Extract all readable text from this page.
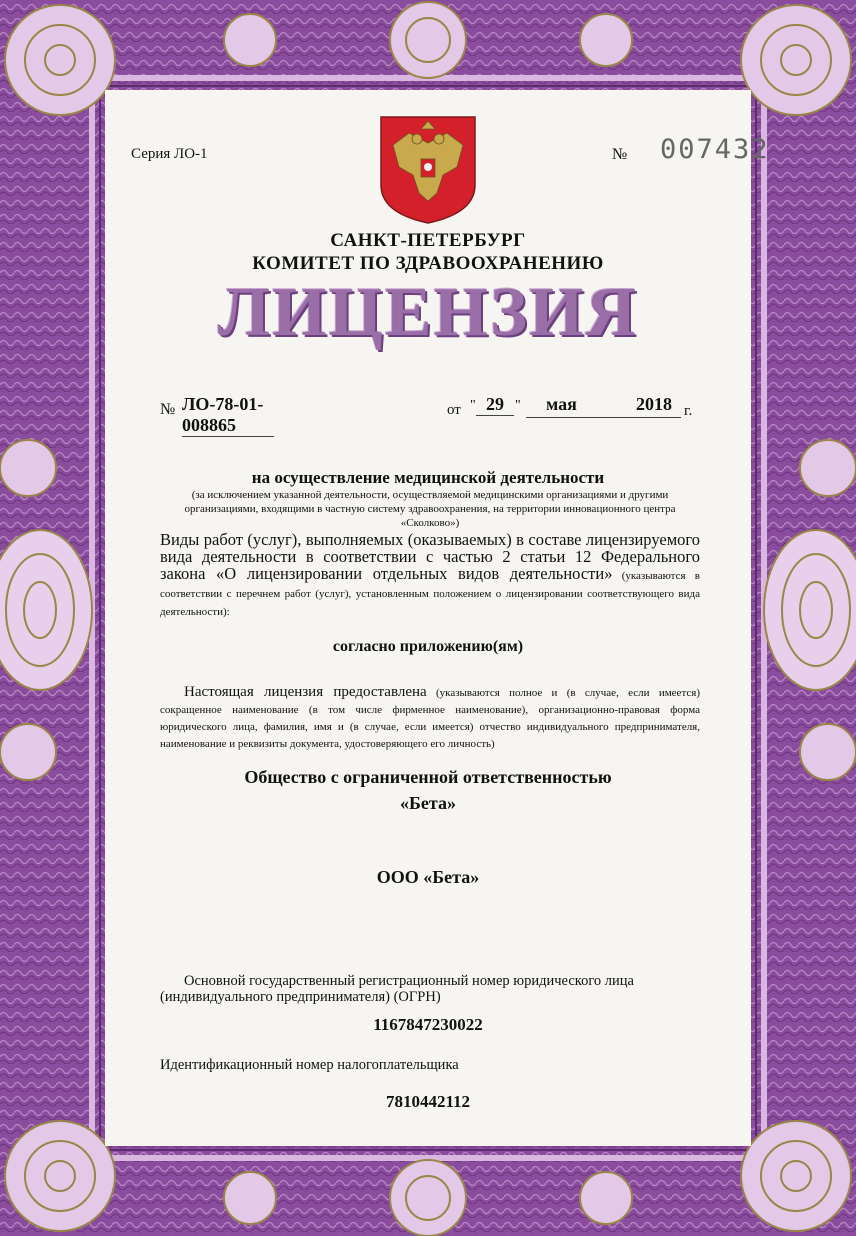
Серия ЛО-1	№ 007432
САНКТ-ПЕТЕРБУРГ
КОМИТЕТ ПО ЗДРАВООХРАНЕНИЮ
ЛИЦЕНЗИЯ
№ ЛО-78-01-008865
от " 29 "	мая	2018 г.
на осуществление медицинской деятельности
(за исключением указанной деятельности, осуществляемой медицинскими организациями и другими организациями, входящими в частную систему здравоохранения, на территории инновационного центра «Сколково»)
Виды работ (услуг), выполняемых (оказываемых) в составе лицензируемого вида деятельности в соответствии с частью 2 статьи 12 Федерального закона «О лицензировании отдельных видов деятельности» (указываются в соответствии с перечнем работ (услуг), установленным положением о лицензировании соответствующего вида деятельности):
согласно приложению(ям)
Настоящая лицензия предоставлена (указываются полное и (в случае, если имеется) сокращенное наименование (в том числе фирменное наименование), организационно-правовая форма юридического лица, фамилия, имя и (в случае, если имеется) отчество индивидуального предпринимателя, наименование и реквизиты документа, удостоверяющего его личность)
Общество с ограниченной ответственностью
«Бета»
ООО «Бета»
Основной государственный регистрационный номер юридического лица
(индивидуального предпринимателя) (ОГРН)
1167847230022
Идентификационный номер налогоплательщика
7810442112
